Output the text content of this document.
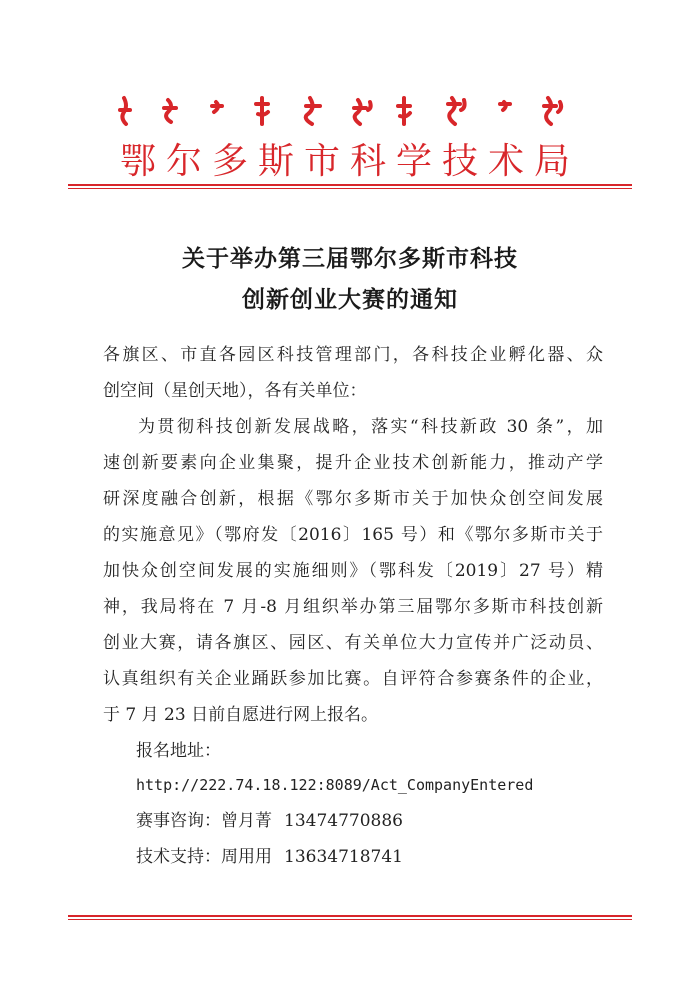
鄂尔多斯市科学技术局
关于举办第三届鄂尔多斯市科技
创新创业大赛的通知
各旗区、市直各园区科技管理部门，各科技企业孵化器、众
创空间（星创天地），各有关单位：
为贯彻科技创新发展战略，落实“科技新政 30 条”，加
速创新要素向企业集聚，提升企业技术创新能力，推动产学
研深度融合创新，根据《鄂尔多斯市关于加快众创空间发展
的实施意见》（鄂府发〔2016〕165 号）和《鄂尔多斯市关于
加快众创空间发展的实施细则》（鄂科发〔2019〕27 号）精
神，我局将在 7 月-8 月组织举办第三届鄂尔多斯市科技创新
创业大赛，请各旗区、园区、有关单位大力宣传并广泛动员、
认真组织有关企业踊跃参加比赛。自评符合参赛条件的企业，
于 7 月 23 日前自愿进行网上报名。
报名地址：
http://222.74.18.122:8089/Act_CompanyEntered
赛事咨询：曾月菁 13474770886
技术支持：周用用 13634718741
